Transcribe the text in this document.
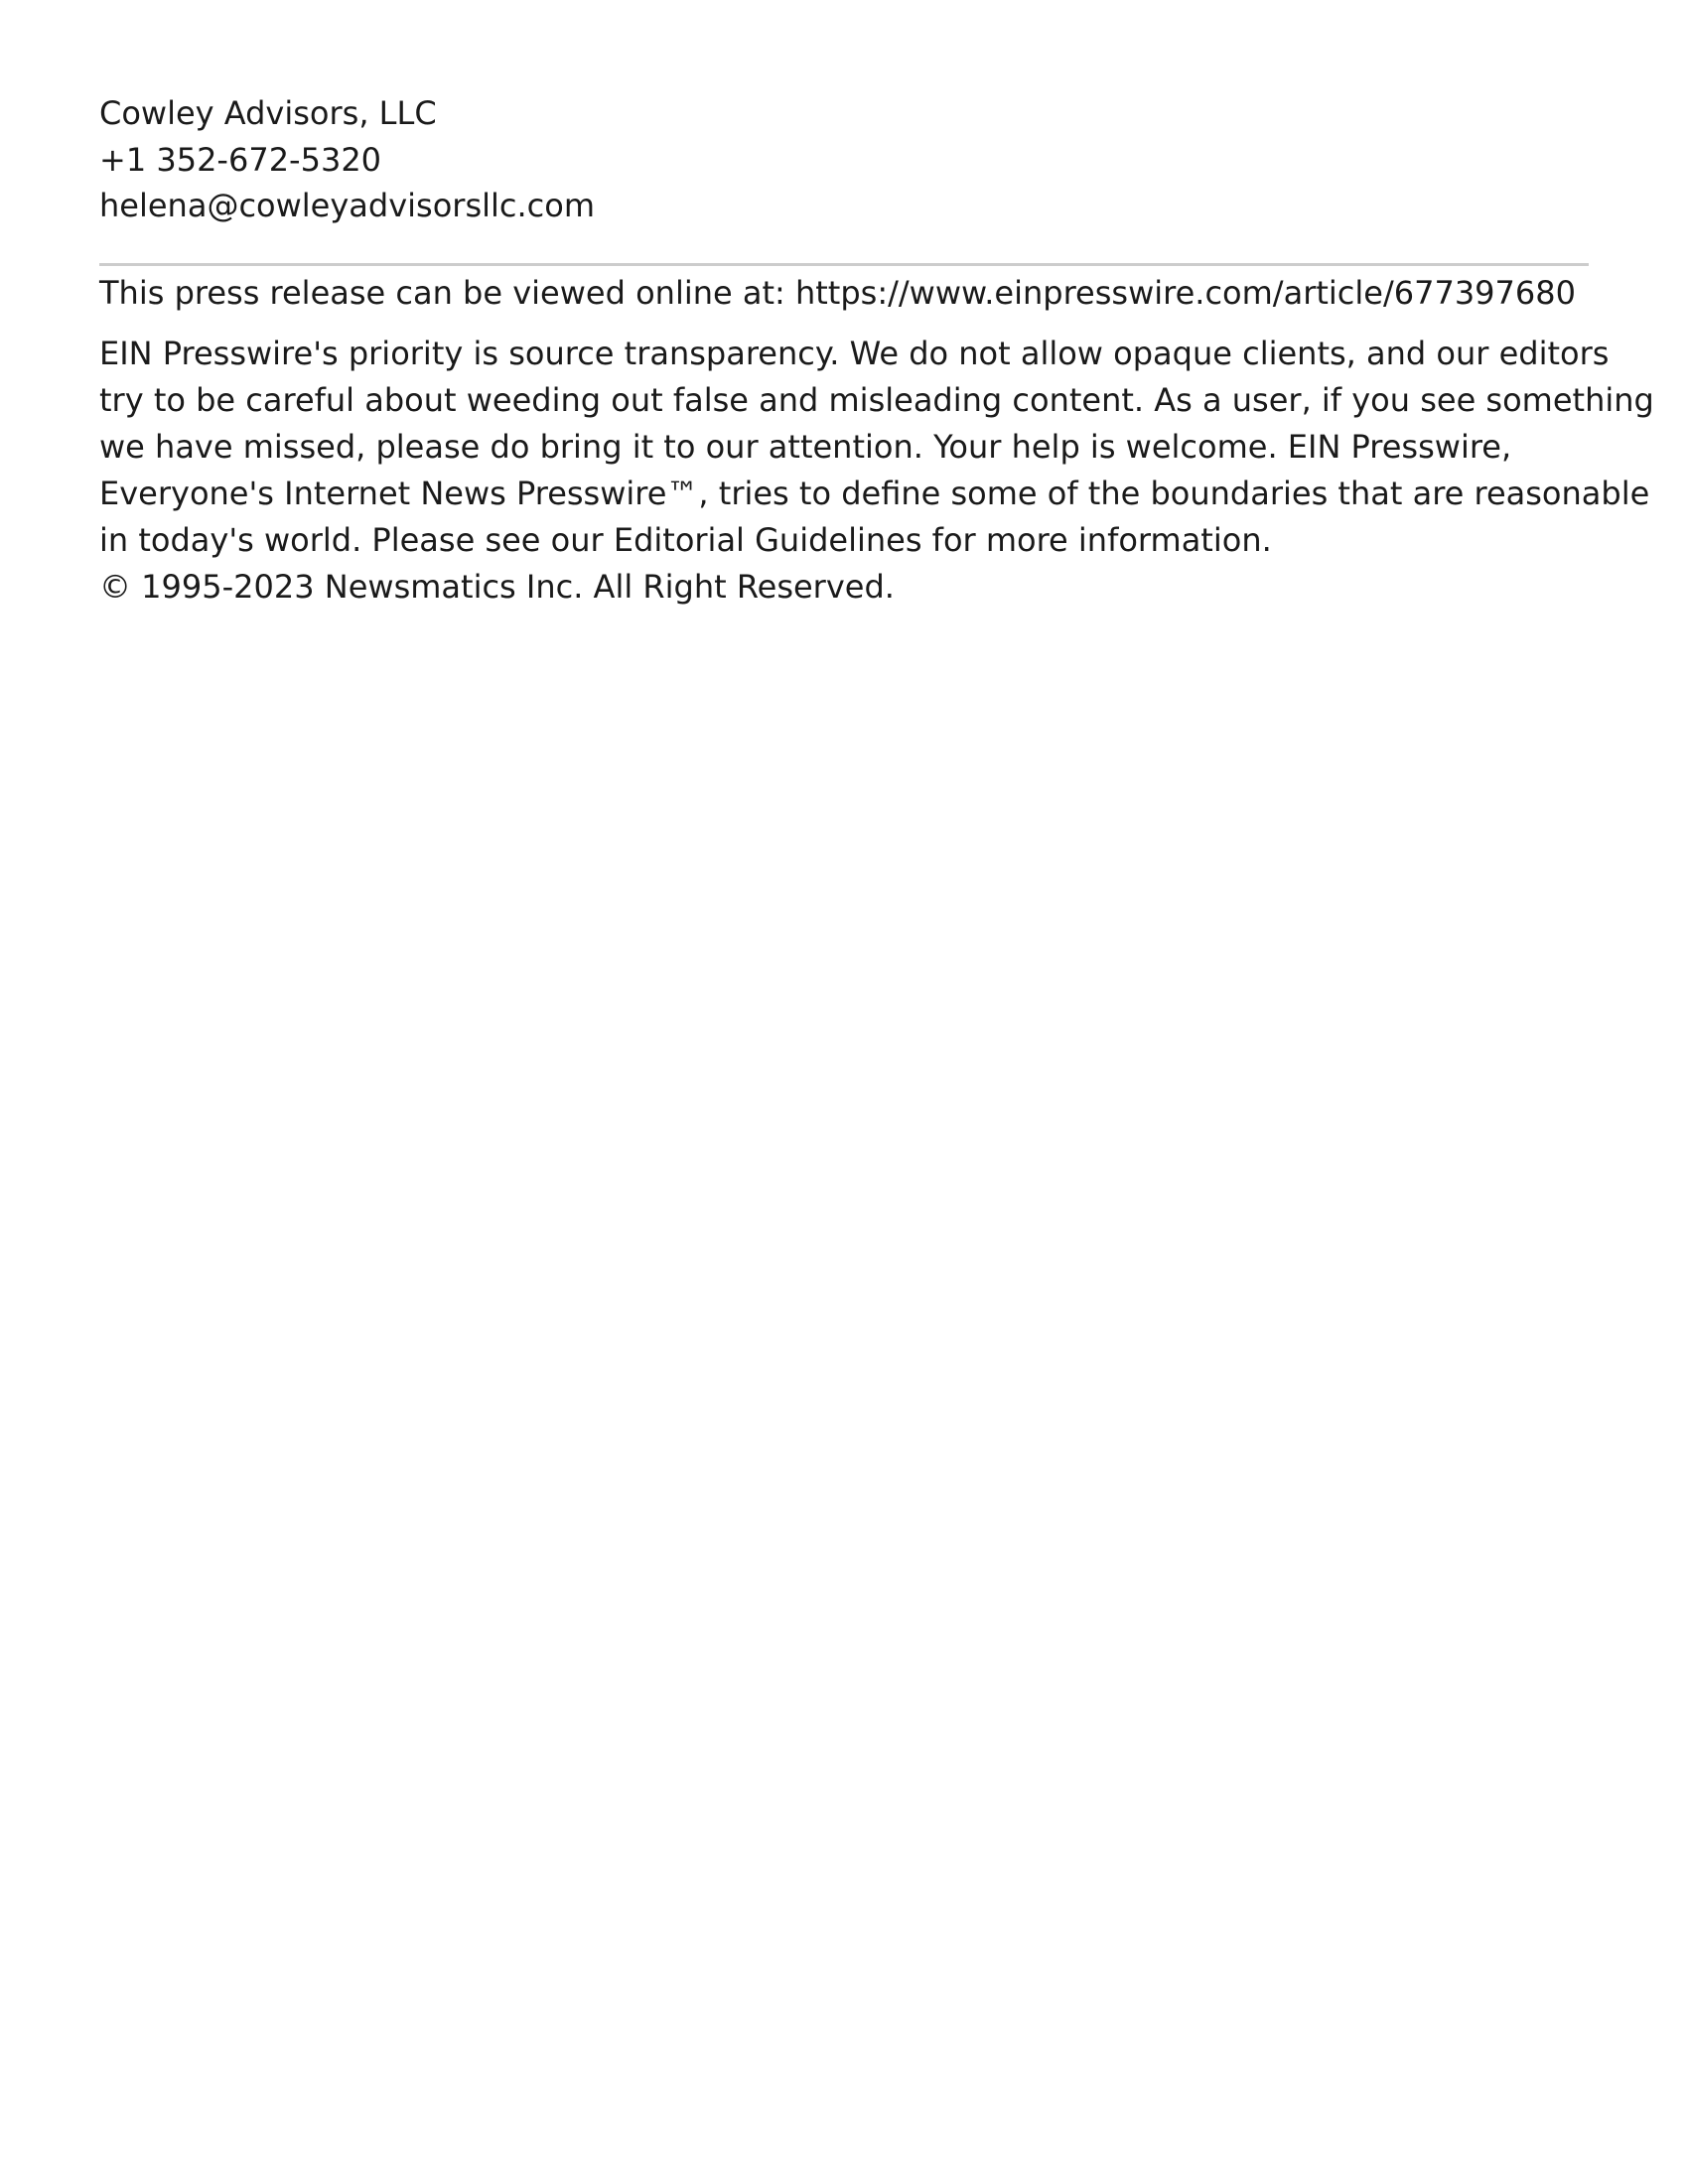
Cowley Advisors, LLC
+1 352-672-5320
helena@cowleyadvisorsllc.com
This press release can be viewed online at: https://www.einpresswire.com/article/677397680
EIN Presswire's priority is source transparency. We do not allow opaque clients, and our editors
try to be careful about weeding out false and misleading content. As a user, if you see something
we have missed, please do bring it to our attention. Your help is welcome. EIN Presswire,
Everyone's Internet News Presswire™, tries to define some of the boundaries that are reasonable
in today's world. Please see our Editorial Guidelines for more information.
© 1995-2023 Newsmatics Inc. All Right Reserved.
